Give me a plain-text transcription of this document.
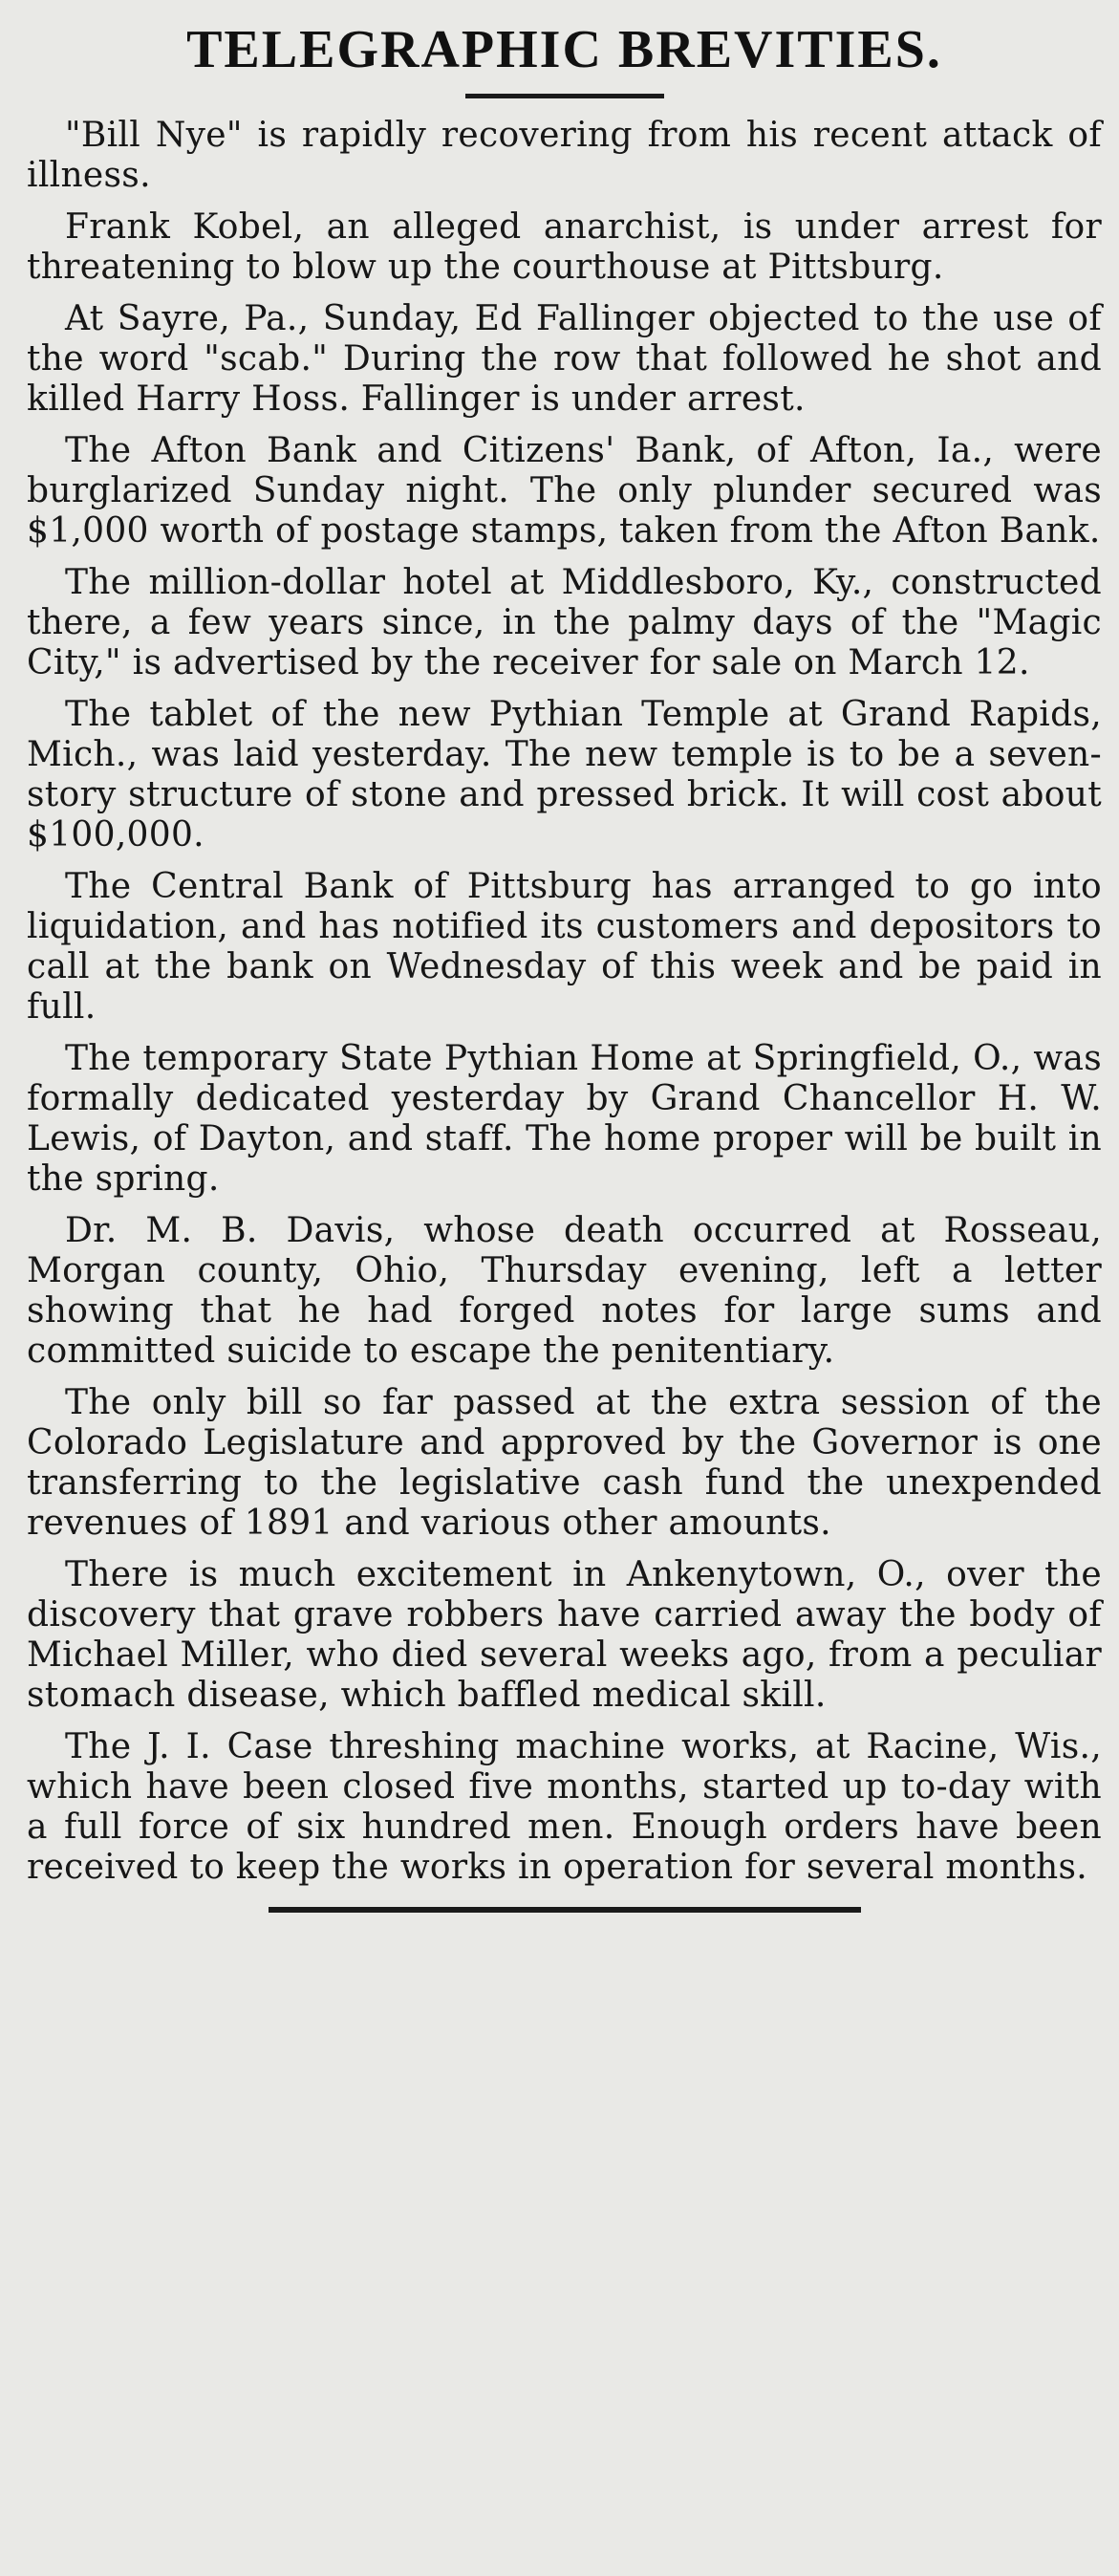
TELEGRAPHIC BREVITIES.

"Bill Nye" is rapidly recovering from his recent attack of illness.

Frank Kobel, an alleged anarchist, is under arrest for threatening to blow up the courthouse at Pittsburg.

At Sayre, Pa., Sunday, Ed Fallinger objected to the use of the word "scab." During the row that followed he shot and killed Harry Hoss. Fallinger is under arrest.

The Afton Bank and Citizens' Bank, of Afton, Ia., were burglarized Sunday night. The only plunder secured was $1,000 worth of postage stamps, taken from the Afton Bank.

The million-dollar hotel at Middlesboro, Ky., constructed there, a few years since, in the palmy days of the "Magic City," is advertised by the receiver for sale on March 12.

The tablet of the new Pythian Temple at Grand Rapids, Mich., was laid yesterday. The new temple is to be a seven-story structure of stone and pressed brick. It will cost about $100,000.

The Central Bank of Pittsburg has arranged to go into liquidation, and has notified its customers and depositors to call at the bank on Wednesday of this week and be paid in full.

The temporary State Pythian Home at Springfield, O., was formally dedicated yesterday by Grand Chancellor H. W. Lewis, of Dayton, and staff. The home proper will be built in the spring.

Dr. M. B. Davis, whose death occurred at Rosseau, Morgan county, Ohio, Thursday evening, left a letter showing that he had forged notes for large sums and committed suicide to escape the penitentiary.

The only bill so far passed at the extra session of the Colorado Legislature and approved by the Governor is one transferring to the legislative cash fund the unexpended revenues of 1891 and various other amounts.

There is much excitement in Ankenytown, O., over the discovery that grave robbers have carried away the body of Michael Miller, who died several weeks ago, from a peculiar stomach disease, which baffled medical skill.

The J. I. Case threshing machine works, at Racine, Wis., which have been closed five months, started up to-day with a full force of six hundred men. Enough orders have been received to keep the works in operation for several months.
